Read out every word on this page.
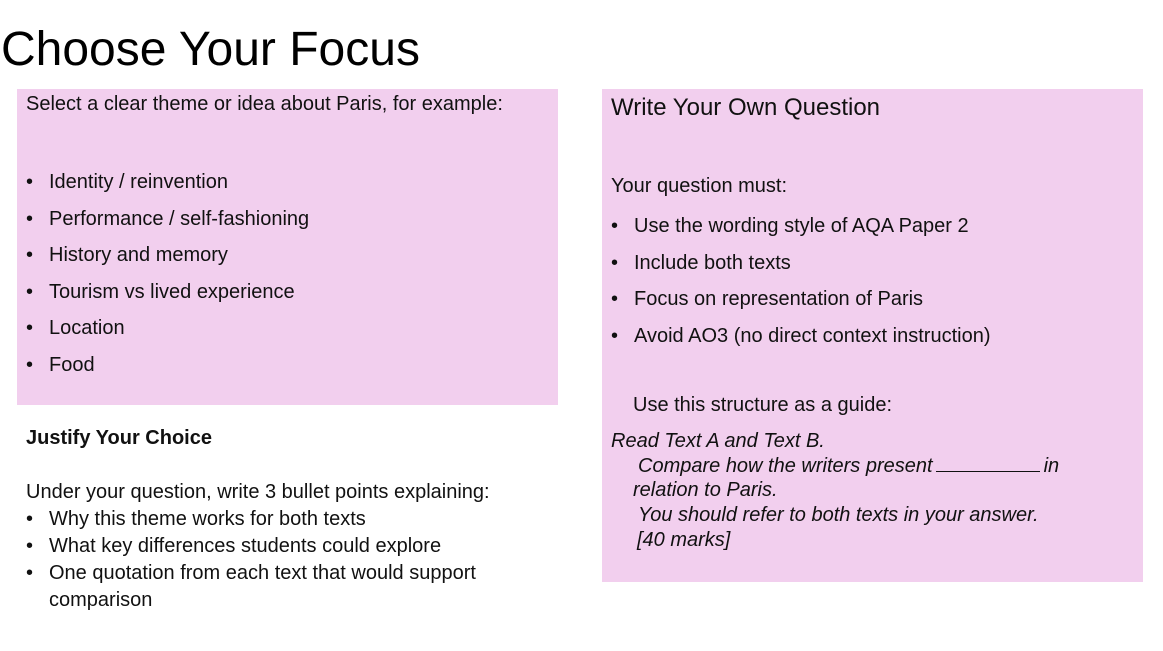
Choose Your Focus
Select a clear theme or idea about Paris, for example:
• Identity / reinvention
• Performance / self-fashioning
• History and memory
• Tourism vs lived experience
• Location
• Food
Justify Your Choice
Under your question, write 3 bullet points explaining:
• Why this theme works for both texts
• What key differences students could explore
• One quotation from each text that would support comparison
Write Your Own Question
Your question must:
• Use the wording style of AQA Paper 2
• Include both texts
• Focus on representation of Paris
• Avoid AO3 (no direct context instruction)
Use this structure as a guide:
Read Text A and Text B.
Compare how the writers present	in
relation to Paris.
You should refer to both texts in your answer.
[40 marks]
